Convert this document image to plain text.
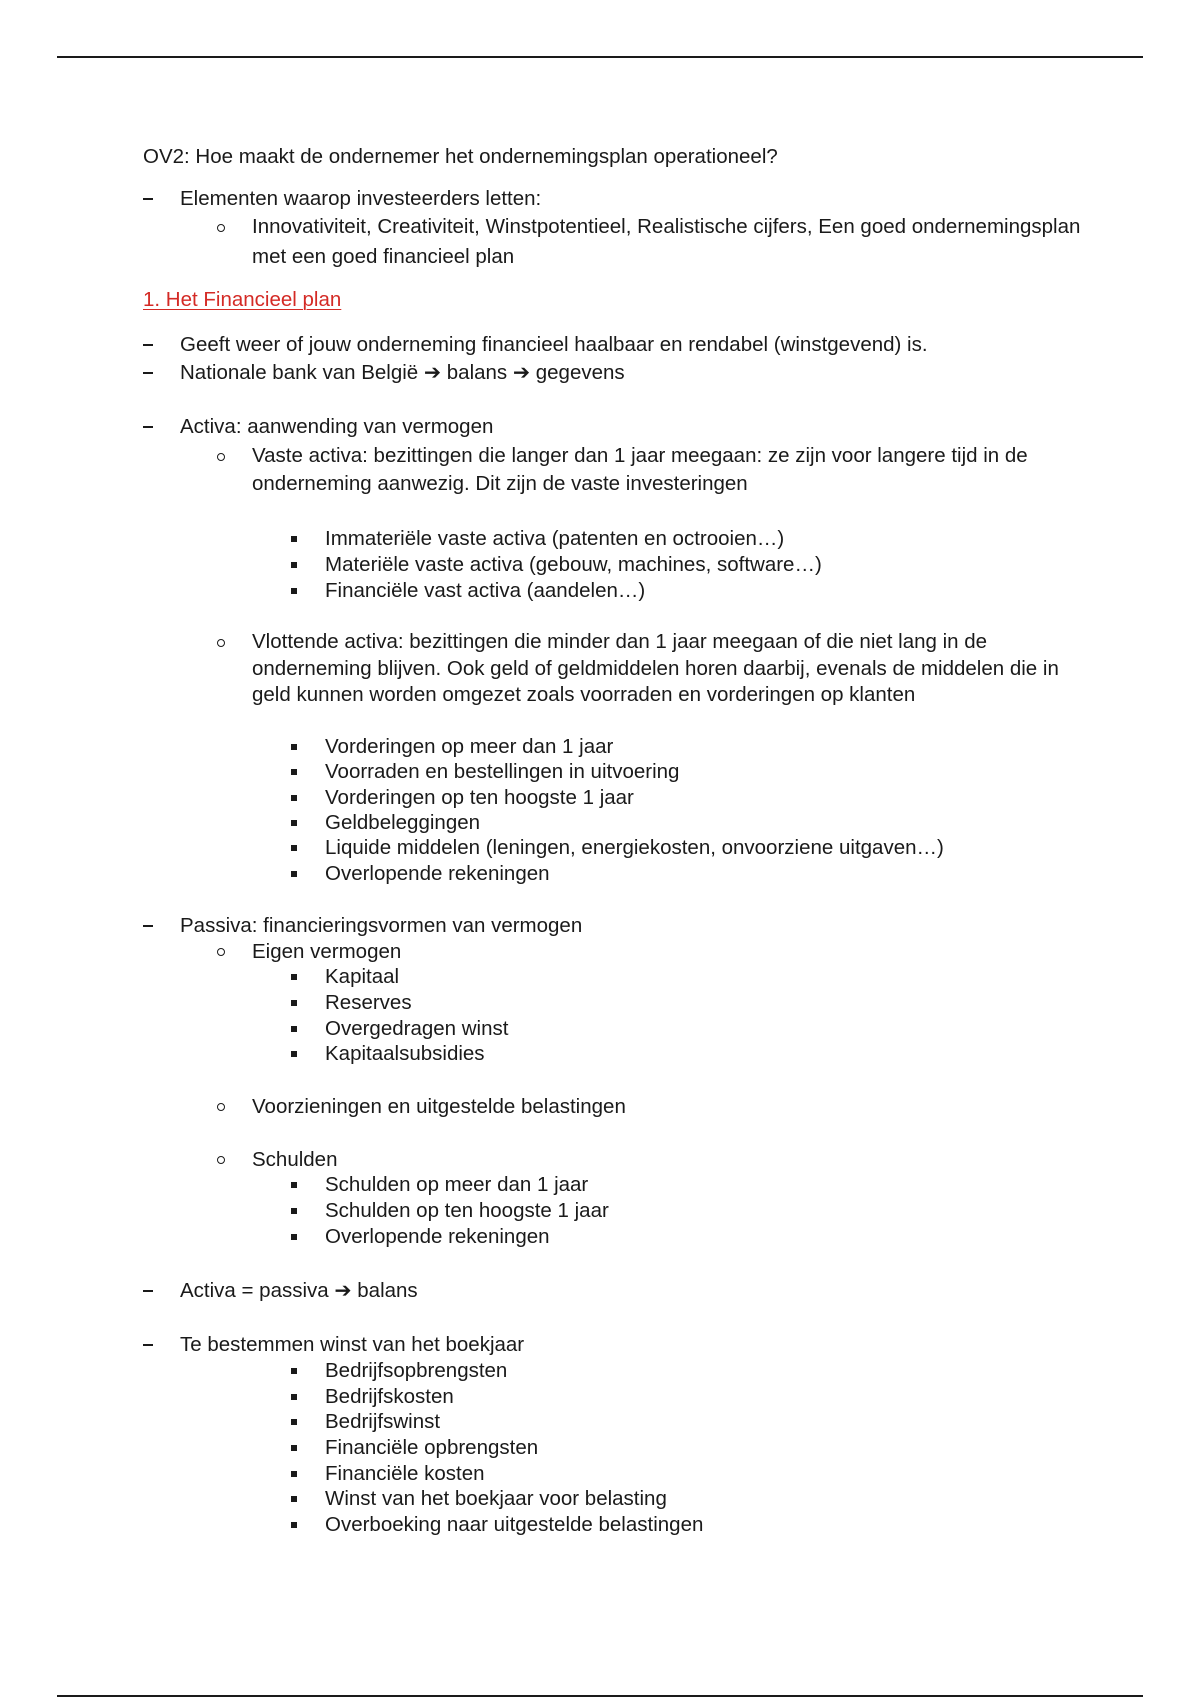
OV2: Hoe maakt de ondernemer het ondernemingsplan operationeel?
Elementen waarop investeerders letten:
Innovativiteit, Creativiteit, Winstpotentieel, Realistische cijfers, Een goed ondernemingsplan
met een goed financieel plan
1. Het Financieel plan
Geeft weer of jouw onderneming financieel haalbaar en rendabel (winstgevend) is.
Nationale bank van België ➔ balans ➔ gegevens
Activa: aanwending van vermogen
Vaste activa: bezittingen die langer dan 1 jaar meegaan: ze zijn voor langere tijd in de
onderneming aanwezig. Dit zijn de vaste investeringen
Immateriële vaste activa (patenten en octrooien…)
Materiële vaste activa (gebouw, machines, software…)
Financiële vast activa (aandelen…)
Vlottende activa: bezittingen die minder dan 1 jaar meegaan of die niet lang in de
onderneming blijven. Ook geld of geldmiddelen horen daarbij, evenals de middelen die in
geld kunnen worden omgezet zoals voorraden en vorderingen op klanten
Vorderingen op meer dan 1 jaar
Voorraden en bestellingen in uitvoering
Vorderingen op ten hoogste 1 jaar
Geldbeleggingen
Liquide middelen (leningen, energiekosten, onvoorziene uitgaven…)
Overlopende rekeningen
Passiva: financieringsvormen van vermogen
Eigen vermogen
Kapitaal
Reserves
Overgedragen winst
Kapitaalsubsidies
Voorzieningen en uitgestelde belastingen
Schulden
Schulden op meer dan 1 jaar
Schulden op ten hoogste 1 jaar
Overlopende rekeningen
Activa = passiva ➔ balans
Te bestemmen winst van het boekjaar
Bedrijfsopbrengsten
Bedrijfskosten
Bedrijfswinst
Financiële opbrengsten
Financiële kosten
Winst van het boekjaar voor belasting
Overboeking naar uitgestelde belastingen
